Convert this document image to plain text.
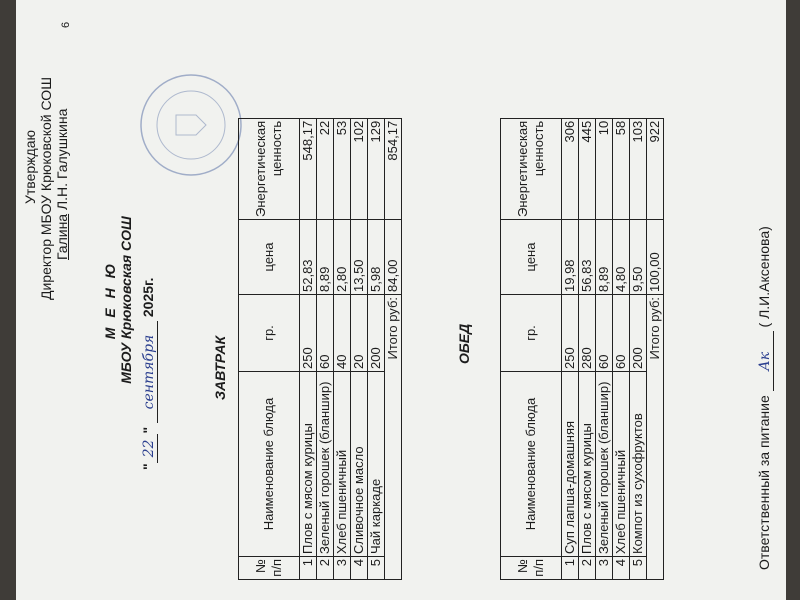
6
Утверждаю Директор МБОУ Крюковской СОШ Галина Л.Н. Галушкина
М Е Н Ю МБОУ Крюковская СОШ
"22" сентября 2025г.
ЗАВТРАК
№ п/п	Наименование блюда	гр.	цена	Энергетическая ценность
1	Плов с мясом курицы	250	52,83	548,17
2	Зеленый горошек (бланшир)	60	8,89	22
3	Хлеб пшеничный	40	2,80	53
4	Сливочное масло	20	13,50	102
5	Чай каркаде	200	5,98	129
Итого руб:			84,00	854,17
ОБЕД
№ п/п	Наименование блюда	гр.	цена	Энергетическая ценность
1	Суп лапша-домашняя	250	19,98	306
2	Плов с мясом курицы	280	56,83	445
3	Зеленый горошек (бланшир)	60	8,89	10
4	Хлеб пшеничный	60	4,80	58
5	Компот из сухофруктов	200	9,50	103
Итого руб:			100,00	922
Ответственный за питание Ак ( Л.И.Аксенова)
